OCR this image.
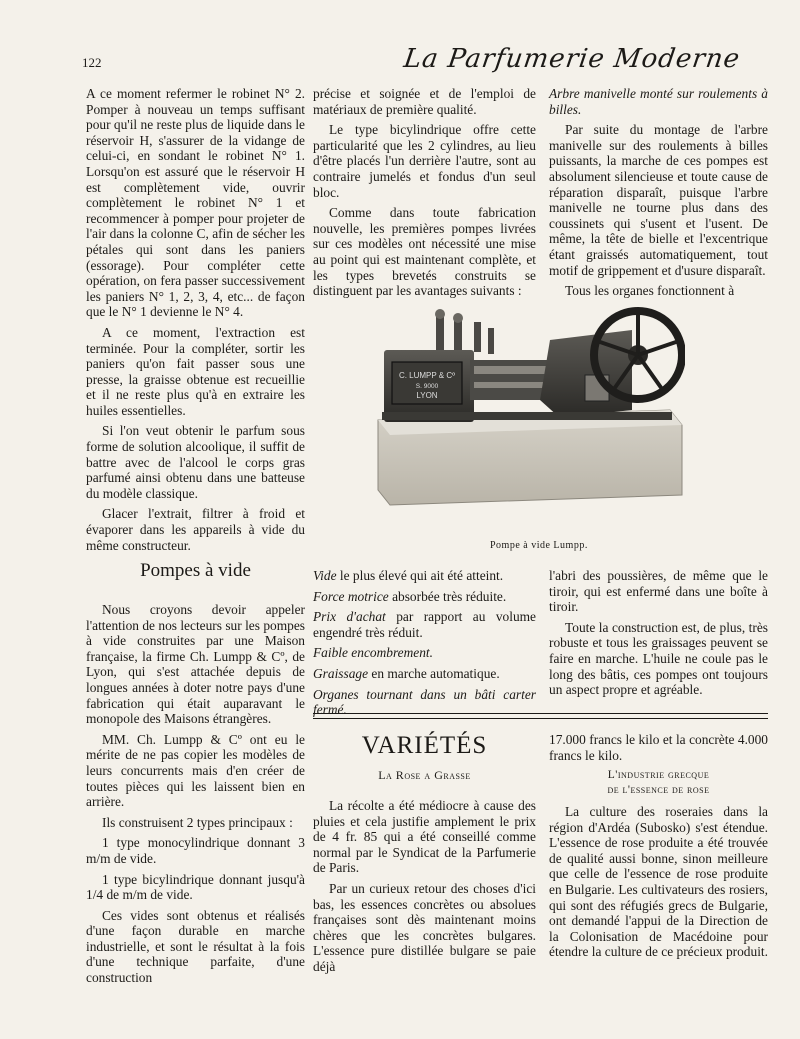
122	La Parfumerie Moderne

A ce moment refermer le robinet N° 2. Pomper à nouveau un temps suffisant pour qu'il ne reste plus de liquide dans le réservoir H, s'assurer de la vidange de celui-ci, en sondant le robinet N° 1. Lorsqu'on est assuré que le réservoir H est complètement vide, ouvrir complètement le robinet N° 1 et recommencer à pomper pour projeter de l'air dans la colonne C, afin de sécher les pétales qui sont dans les paniers (essorage). Pour compléter cette opération, on fera passer successivement les paniers N° 1, 2, 3, 4, etc... de façon que le N° 1 devienne le N° 4.

A ce moment, l'extraction est terminée. Pour la compléter, sortir les paniers qu'on fait passer sous une presse, la graisse obtenue est recueillie et il ne reste plus qu'à en extraire les huiles essentielles.

Si l'on veut obtenir le parfum sous forme de solution alcoolique, il suffit de battre avec de l'alcool le corps gras parfumé ainsi obtenu dans une batteuse du modèle classique.

Glacer l'extrait, filtrer à froid et évaporer dans les appareils à vide du même constructeur.

Pompes à vide

Nous croyons devoir appeler l'attention de nos lecteurs sur les pompes à vide construites par une Maison française, la firme Ch. Lumpp & Cº, de Lyon, qui s'est attachée depuis de longues années à doter notre pays d'une fabrication qui était auparavant le monopole des Maisons étrangères.

MM. Ch. Lumpp & Cº ont eu le mérite de ne pas copier les modèles de leurs concurrents mais d'en créer de toutes pièces qui les laissent bien en arrière.

Ils construisent 2 types principaux :

1 type monocylindrique donnant 3 m/m de vide.

1 type bicylindrique donnant jusqu'à 1/4 de m/m de vide.

Ces vides sont obtenus et réalisés d'une façon durable en marche industrielle, et sont le résultat à la fois d'une technique parfaite, d'une construction

précise et soignée et de l'emploi de matériaux de première qualité.

Le type bicylindrique offre cette particularité que les 2 cylindres, au lieu d'être placés l'un derrière l'autre, sont au contraire jumelés et fondus d'un seul bloc.

Comme dans toute fabrication nouvelle, les premières pompes livrées sur ces modèles ont nécessité une mise au point qui est maintenant complète, et les types brevetés construits se distinguent par les avantages suivants :

Arbre manivelle monté sur roulements à billes.

Par suite du montage de l'arbre manivelle sur des roulements à billes puissants, la marche de ces pompes est absolument silencieuse et toute cause de réparation disparaît, puisque l'arbre manivelle ne tourne plus dans des coussinets qui s'usent et l'usent. De même, la tête de bielle et l'excentrique étant graissés automatiquement, tout motif de grippement et d'usure disparaît.

Tous les organes fonctionnent à

C. LUMPP & Cº
S. 9000
LYON
Pompe à vide Lumpp.

Vide le plus élevé qui ait été atteint.

Force motrice absorbée très réduite.

Prix d'achat par rapport au volume engendré très réduit.

Faible encombrement.

Graissage en marche automatique.

Organes tournant dans un bâti carter fermé.

l'abri des poussières, de même que le tiroir, qui est enfermé dans une boîte à tiroir.

Toute la construction est, de plus, très robuste et tous les graissages peuvent se faire en marche. L'huile ne coule pas le long des bâtis, ces pompes ont toujours un aspect propre et agréable.

VARIÉTÉS
La Rose a Grasse

La récolte a été médiocre à cause des pluies et cela justifie amplement le prix de 4 fr. 85 qui a été conseillé comme normal par le Syndicat de la Parfumerie de Paris.

Par un curieux retour des choses d'ici bas, les essences concrètes ou absolues françaises sont dès maintenant moins chères que les concrètes bulgares. L'essence pure distillée bulgare se paie déjà

17.000 francs le kilo et la concrète 4.000 francs le kilo.

L'industrie grecque
de l'essence de rose

La culture des roseraies dans la région d'Ardéa (Subosko) s'est étendue. L'essence de rose produite a été trouvée de qualité aussi bonne, sinon meilleure que celle de l'essence de rose produite en Bulgarie. Les cultivateurs des rosiers, qui sont des réfugiés grecs de Bulgarie, ont demandé l'appui de la Direction de la Colonisation de Macédoine pour étendre la culture de ce précieux produit.
